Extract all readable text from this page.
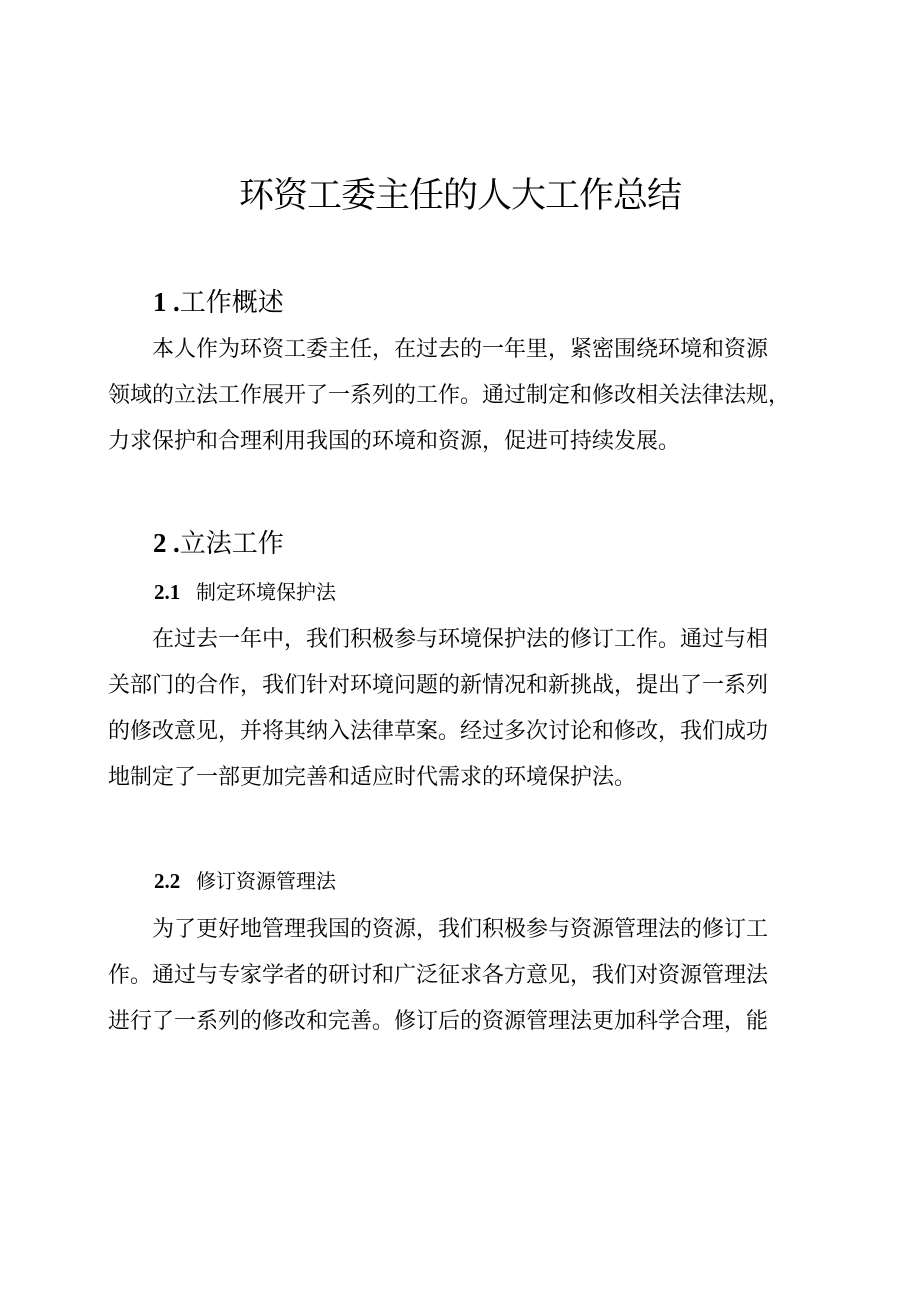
环资工委主任的人大工作总结
1 .工作概述
本人作为环资工委主任，在过去的一年里，紧密围绕环境和资源
领域的立法工作展开了一系列的工作。通过制定和修改相关法律法规，
力求保护和合理利用我国的环境和资源，促进可持续发展。
2 .立法工作
2.1 制定环境保护法
在过去一年中，我们积极参与环境保护法的修订工作。通过与相
关部门的合作，我们针对环境问题的新情况和新挑战，提出了一系列
的修改意见，并将其纳入法律草案。经过多次讨论和修改，我们成功
地制定了一部更加完善和适应时代需求的环境保护法。
2.2 修订资源管理法
为了更好地管理我国的资源，我们积极参与资源管理法的修订工
作。通过与专家学者的研讨和广泛征求各方意见，我们对资源管理法
进行了一系列的修改和完善。修订后的资源管理法更加科学合理，能
